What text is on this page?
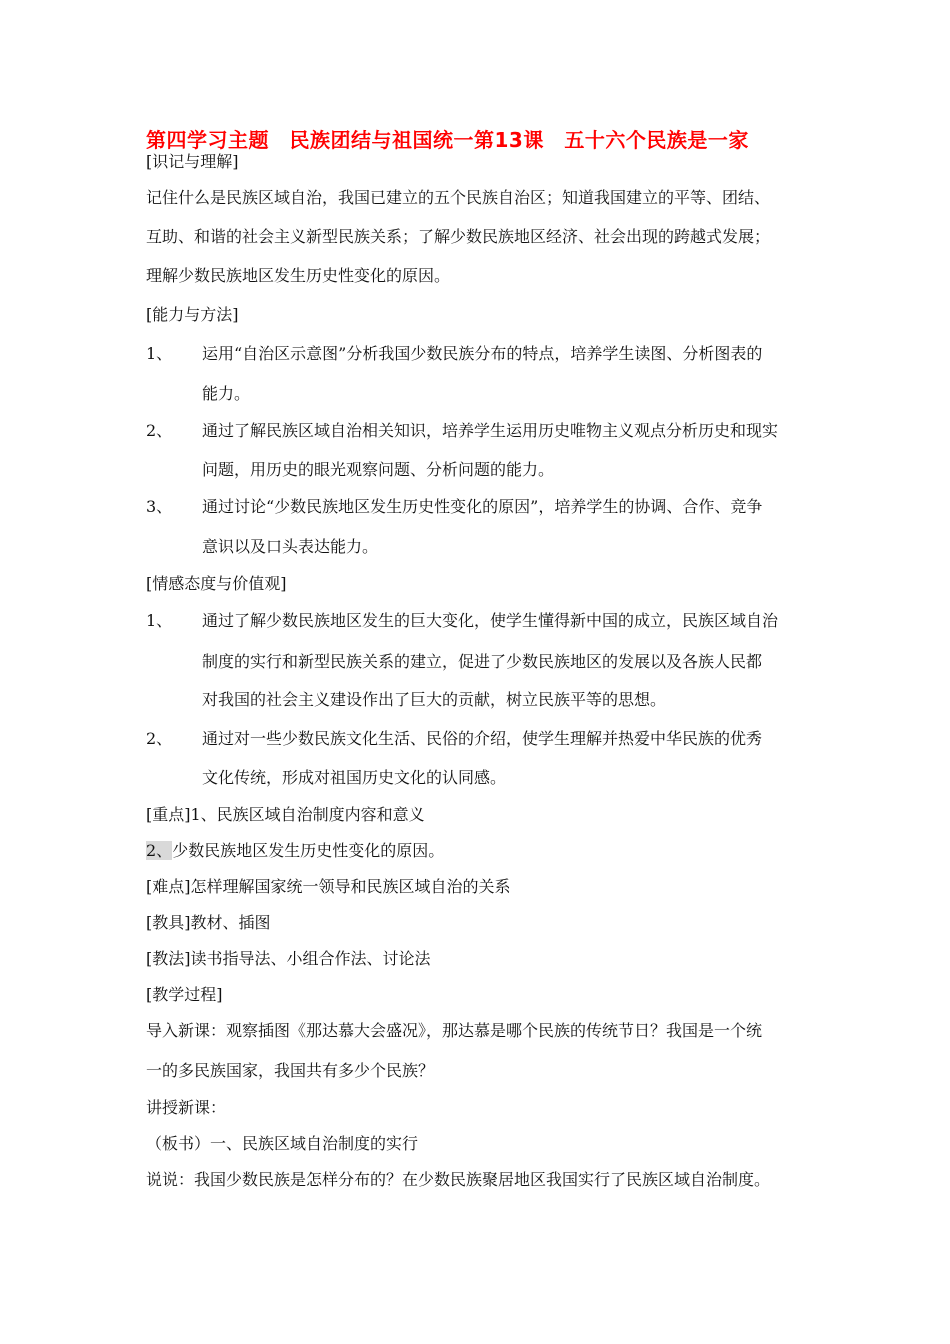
第四学习主题　民族团结与祖国统一第13课　五十六个民族是一家
[识记与理解]
记住什么是民族区域自治，我国已建立的五个民族自治区；知道我国建立的平等、团结、
互助、和谐的社会主义新型民族关系；了解少数民族地区经济、社会出现的跨越式发展；
理解少数民族地区发生历史性变化的原因。
[能力与方法]
1、 运用“自治区示意图”分析我国少数民族分布的特点，培养学生读图、分析图表的
能力。
2、 通过了解民族区域自治相关知识，培养学生运用历史唯物主义观点分析历史和现实
问题，用历史的眼光观察问题、分析问题的能力。
3、 通过讨论“少数民族地区发生历史性变化的原因”，培养学生的协调、合作、竞争
意识以及口头表达能力。
[情感态度与价值观]
1、 通过了解少数民族地区发生的巨大变化，使学生懂得新中国的成立，民族区域自治
制度的实行和新型民族关系的建立，促进了少数民族地区的发展以及各族人民都
对我国的社会主义建设作出了巨大的贡献，树立民族平等的思想。
2、 通过对一些少数民族文化生活、民俗的介绍，使学生理解并热爱中华民族的优秀
文化传统，形成对祖国历史文化的认同感。
[重点]1、民族区域自治制度内容和意义
2、少数民族地区发生历史性变化的原因。
[难点]怎样理解国家统一领导和民族区域自治的关系
[教具]教材、插图
[教法]读书指导法、小组合作法、讨论法
[教学过程]
导入新课：观察插图《那达慕大会盛况》，那达慕是哪个民族的传统节日？我国是一个统
一的多民族国家，我国共有多少个民族？
讲授新课：
（板书）一、民族区域自治制度的实行
说说：我国少数民族是怎样分布的？在少数民族聚居地区我国实行了民族区域自治制度。
